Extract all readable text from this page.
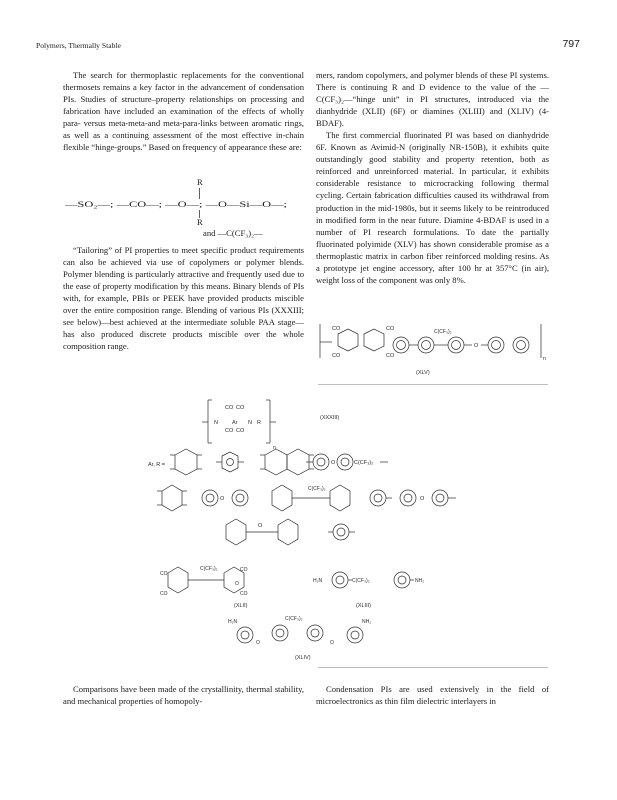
Polymers, Thermally Stable	797

The search for thermoplastic replacements for the conventional thermosets remains a key factor in the advancement of condensation PIs. Studies of structure–property relationships on processing and fabrication have included an examination of the effects of wholly para- versus meta-meta-and meta-para-links between aromatic rings, as well as a continuing assessment of the most effective in-chain flexible “hinge-groups.” Based on frequency of appearance these are:

R
—SO₂—; —CO—; —O—; —O—Si—O—;
R
and —C(CF₃)₂—

“Tailoring” of PI properties to meet specific product requirements can also be achieved via use of copolymers or polymer blends. Polymer blending is particularly attractive and frequently used due to the ease of property modification by this means. Binary blends of PIs with, for example, PBIs or PEEK have provided products miscible over the entire composition range. Blending of various PIs (XXXIII; see below)—best achieved at the intermediate soluble PAA stage—has also produced discrete products miscible over the whole composition range.

mers, random copolymers, and polymer blends of these PI systems. There is continuing R and D evidence to the value of the —C(CF₃)₂—“hinge unit” in PI structures, introduced via the dianhydride (XLII) (6F) or diamines (XLIII) and (XLIV) (4-BDAF).

The first commercial fluorinated PI was based on dianhydride 6F. Known as Avimid-N (originally NR-150B), it exhibits quite outstandingly good stability and property retention, both as reinforced and unreinforced material. In particular, it exhibits considerable resistance to microcracking following thermal cycling. Certain fabrication difficulties caused its withdrawal from production in the mid-1980s, but it seems likely to be reintroduced in modified form in the near future. Diamine 4-BDAF is used in a number of PI research formulations. To date the partially fluorinated polyimide (XLV) has shown considerable promise as a thermoplastic matrix in carbon fiber reinforced molding resins. As a prototype jet engine accessory, after 100 hr at 357°C (in air), weight loss of the component was only 8%.

CO
CO
CO
CO
C(CF₃)₂
O
n
(XLV)
CO CO
N	Ar N R
CO CO
n
(XXXIII)
Ar, R =	O	C(CF₃)₂
O
C(CF₃)₂
O
O
C(CF₃)₂
CO
CO
CO
CO
O
(XLII)
H₂N	C(CF₃)₂	NH₂
(XLIII)
H₂N
O
C(CF₃)₂
O
NH₂
(XLIV)

Comparisons have been made of the crystallinity, thermal stability, and mechanical properties of homopoly-

Condensation PIs are used extensively in the field of microelectronics as thin film dielectric interlayers in
